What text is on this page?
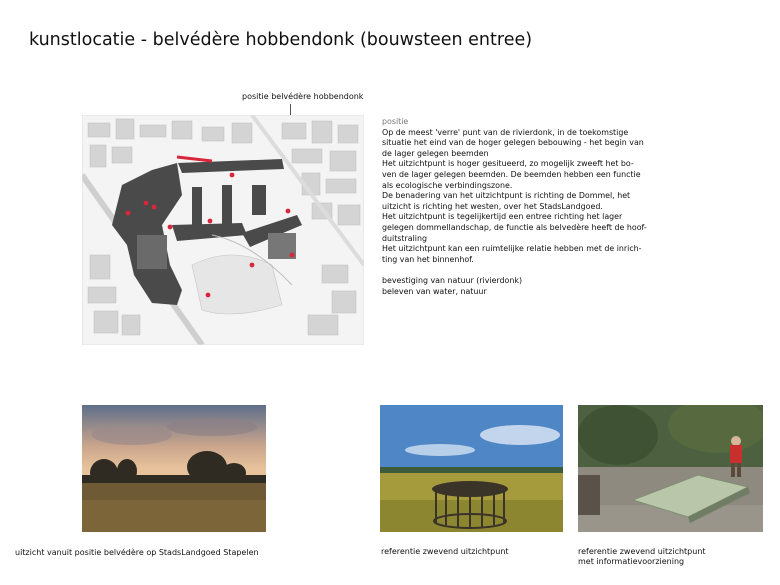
kunstlocatie - belvédère hobbendonk (bouwsteen entree)
positie belvédère hobbendonk

positie

Op de meest 'verre' punt van de rivierdonk, in de toekomstige

situatie het eind van de hoger gelegen bebouwing - het begin van

de lager gelegen beemden

Het uitzichtpunt is hoger gesitueerd, zo mogelijk zweeft het bo-

ven de lager gelegen beemden. De beemden hebben een functie

als ecologische verbindingszone.

De benadering van het uitzichtpunt is richting de Dommel, het

uitzicht is richting het westen, over het StadsLandgoed.

Het uitzichtpunt is tegelijkertijd een entree richting het lager

gelegen dommellandschap, de functie als belvedère heeft de hoof-

duitstraling

Het uitzichtpunt kan een ruimtelijke relatie hebben met de inrich-

ting van het binnenhof.

bevestiging van natuur (rivierdonk)

beleven van water, natuur

uitzicht vanuit positie belvédère op StadsLandgoed Stapelen	referentie zwevend uitzichtpunt	referentie zwevend uitzichtpunt
met informatievoorziening
